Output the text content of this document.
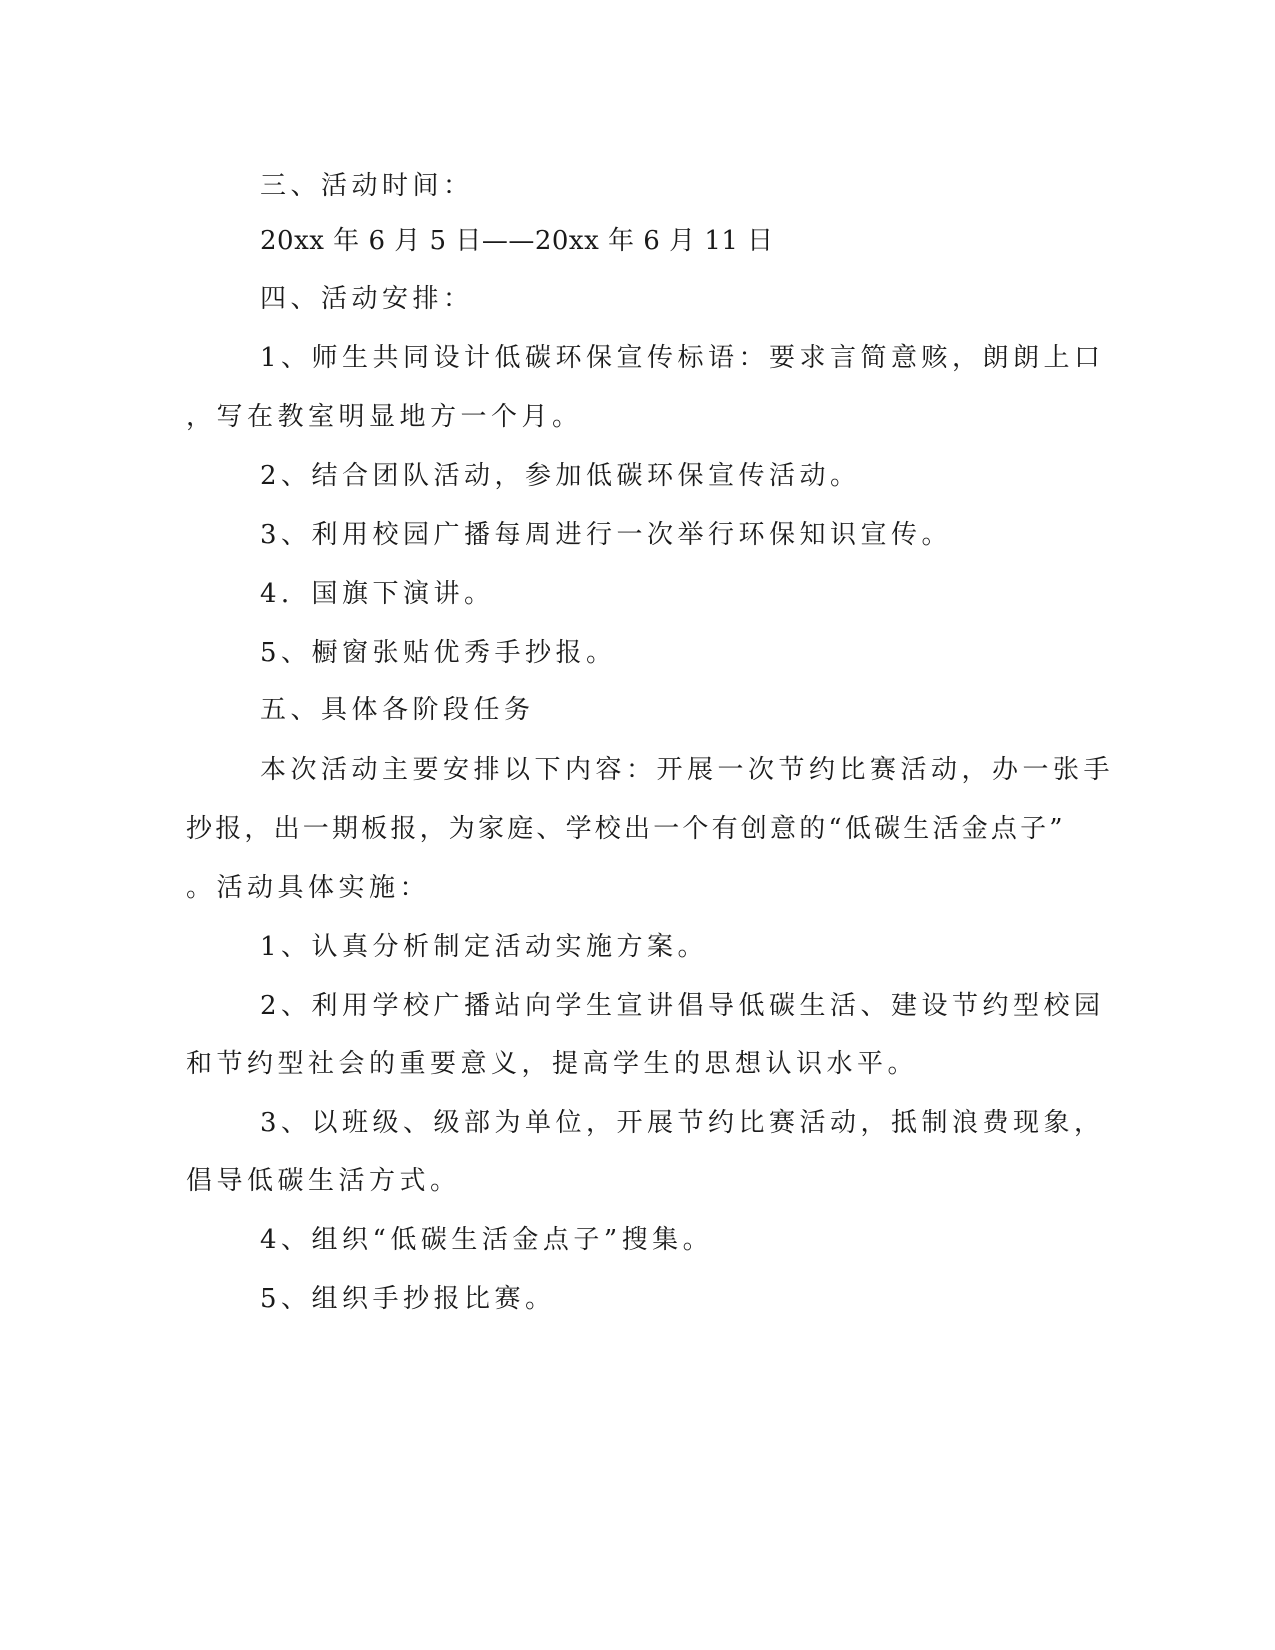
三、活动时间：
20xx 年 6 月 5 日——20xx 年 6 月 11 日
四、活动安排：
1、师生共同设计低碳环保宣传标语：要求言简意赅，朗朗上口
，写在教室明显地方一个月。
2、结合团队活动，参加低碳环保宣传活动。
3、利用校园广播每周进行一次举行环保知识宣传。
4．国旗下演讲。
5、橱窗张贴优秀手抄报。
五、具体各阶段任务
本次活动主要安排以下内容：开展一次节约比赛活动，办一张手
抄报，出一期板报，为家庭、学校出一个有创意的“低碳生活金点子”
。活动具体实施：
1、认真分析制定活动实施方案。
2、利用学校广播站向学生宣讲倡导低碳生活、建设节约型校园
和节约型社会的重要意义，提高学生的思想认识水平。
3、以班级、级部为单位，开展节约比赛活动，抵制浪费现象，
倡导低碳生活方式。
4、组织“低碳生活金点子”搜集。
5、组织手抄报比赛。
